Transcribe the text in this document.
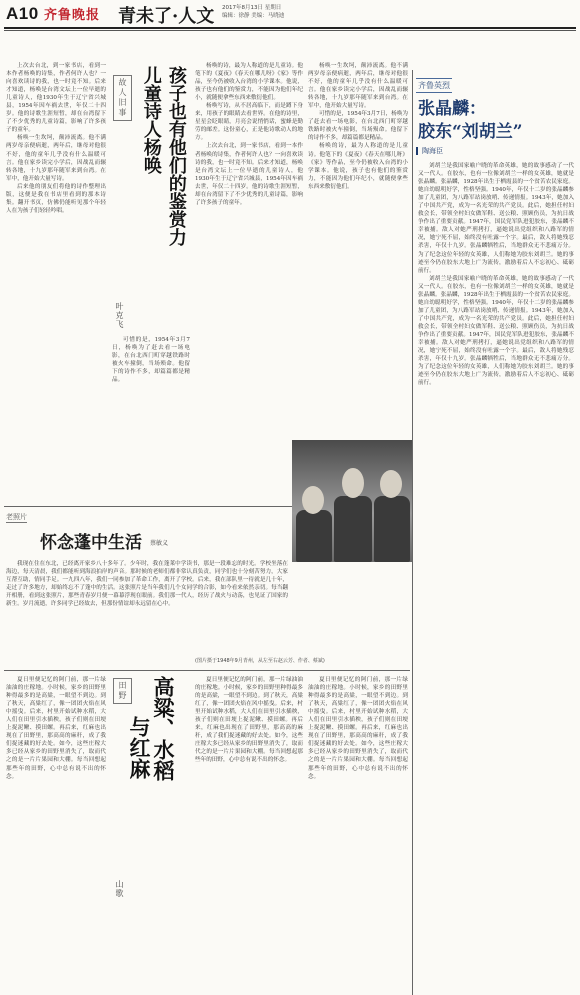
A10 齐鲁晚报 青未了·人文 2017年8月13日 星期日
编辑：徐静 美编：马晓迪

上次去台北，到一家书店，看到一本作者杨唤的诗集，作者何许人也？一向喜欢读诗的我，也一时竟不知。后来才知道，杨唤是台湾文坛上一位早逝的儿童诗人，他1930年生于辽宁省兴城县，1954年因车祸去世，年仅二十四岁。他的诗歌生涯短暂，却在台湾留下了不少优秀的儿童诗篇，影响了许多孩子的童年。

杨唤一生坎坷，颠沛流离。他不满两岁母亲便病逝，两年后，继母对他很不好，他的童年几乎没有什么温暖可言。他在家乡读完小学后，因战乱而辗转各地，十九岁那年随军来到台湾。在军中，他开始大量写诗。

后来他的朋友们将他的诗作整理出版，这便是我在书店里看到的那本诗集。翻开书页，仿佛仍能听见那个年轻人在为孩子们轻轻吟唱。

故人旧事
叶克飞
孩子也有他们的鉴赏力
儿童诗人杨唤

可惜的是，1954年3月7日，杨唤为了赶去看一场电影，在台北西门町穿越铁路时被火车撞倒，当场殒命。他留下的诗作不多，却篇篇都是精品。

杨唤的诗，最为人称道的是儿童诗。他笔下的《夏夜》《春天在哪儿呀》《家》等作品，至今仍被收入台湾的小学课本。他说，孩子也有他们的鉴赏力，不能因为他们年纪小，就随便拿些东西来敷衍他们。

杨唤写诗，从不居高临下，而是蹲下身来，用孩子的眼睛去看世界。在他的诗里，星星会眨眼睛，月亮会说悄悄话，蜜蜂是勤劳的邮差。这份童心，正是他诗歌动人的地方。

上次去台北，到一家书店，看到一本作者杨唤的诗集，作者何许人也？一向喜欢读诗的我，也一时竟不知。后来才知道，杨唤是台湾文坛上一位早逝的儿童诗人，他1930年生于辽宁省兴城县，1954年因车祸去世，年仅二十四岁。他的诗歌生涯短暂，却在台湾留下了不少优秀的儿童诗篇，影响了许多孩子的童年。

杨唤一生坎坷，颠沛流离。他不满两岁母亲便病逝，两年后，继母对他很不好，他的童年几乎没有什么温暖可言。他在家乡读完小学后，因战乱而辗转各地，十九岁那年随军来到台湾。在军中，他开始大量写诗。

可惜的是，1954年3月7日，杨唤为了赶去看一场电影，在台北西门町穿越铁路时被火车撞倒，当场殒命。他留下的诗作不多，却篇篇都是精品。

杨唤的诗，最为人称道的是儿童诗。他笔下的《夏夜》《春天在哪儿呀》《家》等作品，至今仍被收入台湾的小学课本。他说，孩子也有他们的鉴赏力，不能因为他们年纪小，就随便拿些东西来敷衍他们。

老照片
怀念蓬中生活 蔡敏义

我现在住在东北，已经离开家乡八十多年了。少年时，我在蓬莱中学读书，那是一段难忘的时光。学校坐落在海边，每天清晨，我们都能听到海浪拍岸的声音。那时候的老师们都非常认真负责，同学们也十分刻苦努力，大家互帮互助，情同手足。一九四八年，我们一同参加了革命工作，离开了学校。后来，我在部队里一待就是几十年，走过了许多地方，却始终忘不了蓬中的生活。这张照片是当年我们几个女同学的合影，如今看来依然亲切。每当翻开相册，看到这张照片，那些青春岁月便一幕幕浮现在眼前。我们那一代人，经历了战火与动荡，也见证了国家的新生。岁月流逝，许多同学已经故去，但那份情谊却永远留在心中。

(图片摄于1948年9月青州，从左至右赵云芳、作者、蔡斌)

夏日里便记忆的阿门前，那一片绿油油的庄稼地。小时候，家乡的田野里种得最多的是高粱，一眼望不到边。到了秋天，高粱红了，像一团团火焰在风中摇曳。后来，村里开始试种水稻，大人们在田里引水插秧，孩子们则在田埂上捉泥鳅、摸田螺。再后来，红麻也出现在了田野里，那高高的麻秆，成了我们捉迷藏的好去处。如今，这些庄稼大多已经从家乡的田野里消失了，取而代之的是一片片果园和大棚。每当回想起那些年的田野，心中总有说不出的怀念。

田野 高粱、水稻
与红麻
山歌

夏日里便记忆的阿门前，那一片绿油油的庄稼地。小时候，家乡的田野里种得最多的是高粱，一眼望不到边。到了秋天，高粱红了，像一团团火焰在风中摇曳。后来，村里开始试种水稻，大人们在田里引水插秧，孩子们则在田埂上捉泥鳅、摸田螺。再后来，红麻也出现在了田野里，那高高的麻秆，成了我们捉迷藏的好去处。如今，这些庄稼大多已经从家乡的田野里消失了，取而代之的是一片片果园和大棚。每当回想起那些年的田野，心中总有说不出的怀念。

夏日里便记忆的阿门前，那一片绿油油的庄稼地。小时候，家乡的田野里种得最多的是高粱，一眼望不到边。到了秋天，高粱红了，像一团团火焰在风中摇曳。后来，村里开始试种水稻，大人们在田里引水插秧，孩子们则在田埂上捉泥鳅、摸田螺。再后来，红麻也出现在了田野里，那高高的麻秆，成了我们捉迷藏的好去处。如今，这些庄稼大多已经从家乡的田野里消失了，取而代之的是一片片果园和大棚。每当回想起那些年的田野，心中总有说不出的怀念。

齐鲁英烈
张晶麟：
胶东“刘胡兰”
陶海臣

刘胡兰是我国家喻户晓的革命英雄，她的故事感动了一代又一代人。在胶东，也有一位像刘胡兰一样的女英雄，她就是张晶麟。张晶麟，1928年出生于栖霞县的一个贫苦农民家庭。她自幼聪明好学，性格坚强。1940年，年仅十二岁的张晶麟参加了儿童团，为八路军站岗放哨、传递情报。1943年，她加入了中国共产党，成为一名光荣的共产党员。此后，她担任村妇救会长，带领全村妇女做军鞋、送公粮、照顾伤员，为抗日战争作出了重要贡献。1947年，国民党军队进犯胶东，张晶麟不幸被捕。敌人对她严刑拷打，逼她说出党组织和八路军的情况，她宁死不屈，始终没有吐露一个字。最后，敌人将她残忍杀害，年仅十九岁。张晶麟牺牲后，当地群众无不悲痛万分。为了纪念这位年轻的女英雄，人们称她为胶东刘胡兰。她的事迹至今仍在胶东大地上广为流传，激励着后人不忘初心、砥砺前行。

刘胡兰是我国家喻户晓的革命英雄，她的故事感动了一代又一代人。在胶东，也有一位像刘胡兰一样的女英雄，她就是张晶麟。张晶麟，1928年出生于栖霞县的一个贫苦农民家庭。她自幼聪明好学，性格坚强。1940年，年仅十二岁的张晶麟参加了儿童团，为八路军站岗放哨、传递情报。1943年，她加入了中国共产党，成为一名光荣的共产党员。此后，她担任村妇救会长，带领全村妇女做军鞋、送公粮、照顾伤员，为抗日战争作出了重要贡献。1947年，国民党军队进犯胶东，张晶麟不幸被捕。敌人对她严刑拷打，逼她说出党组织和八路军的情况，她宁死不屈，始终没有吐露一个字。最后，敌人将她残忍杀害，年仅十九岁。张晶麟牺牲后，当地群众无不悲痛万分。为了纪念这位年轻的女英雄，人们称她为胶东刘胡兰。她的事迹至今仍在胶东大地上广为流传，激励着后人不忘初心、砥砺前行。
